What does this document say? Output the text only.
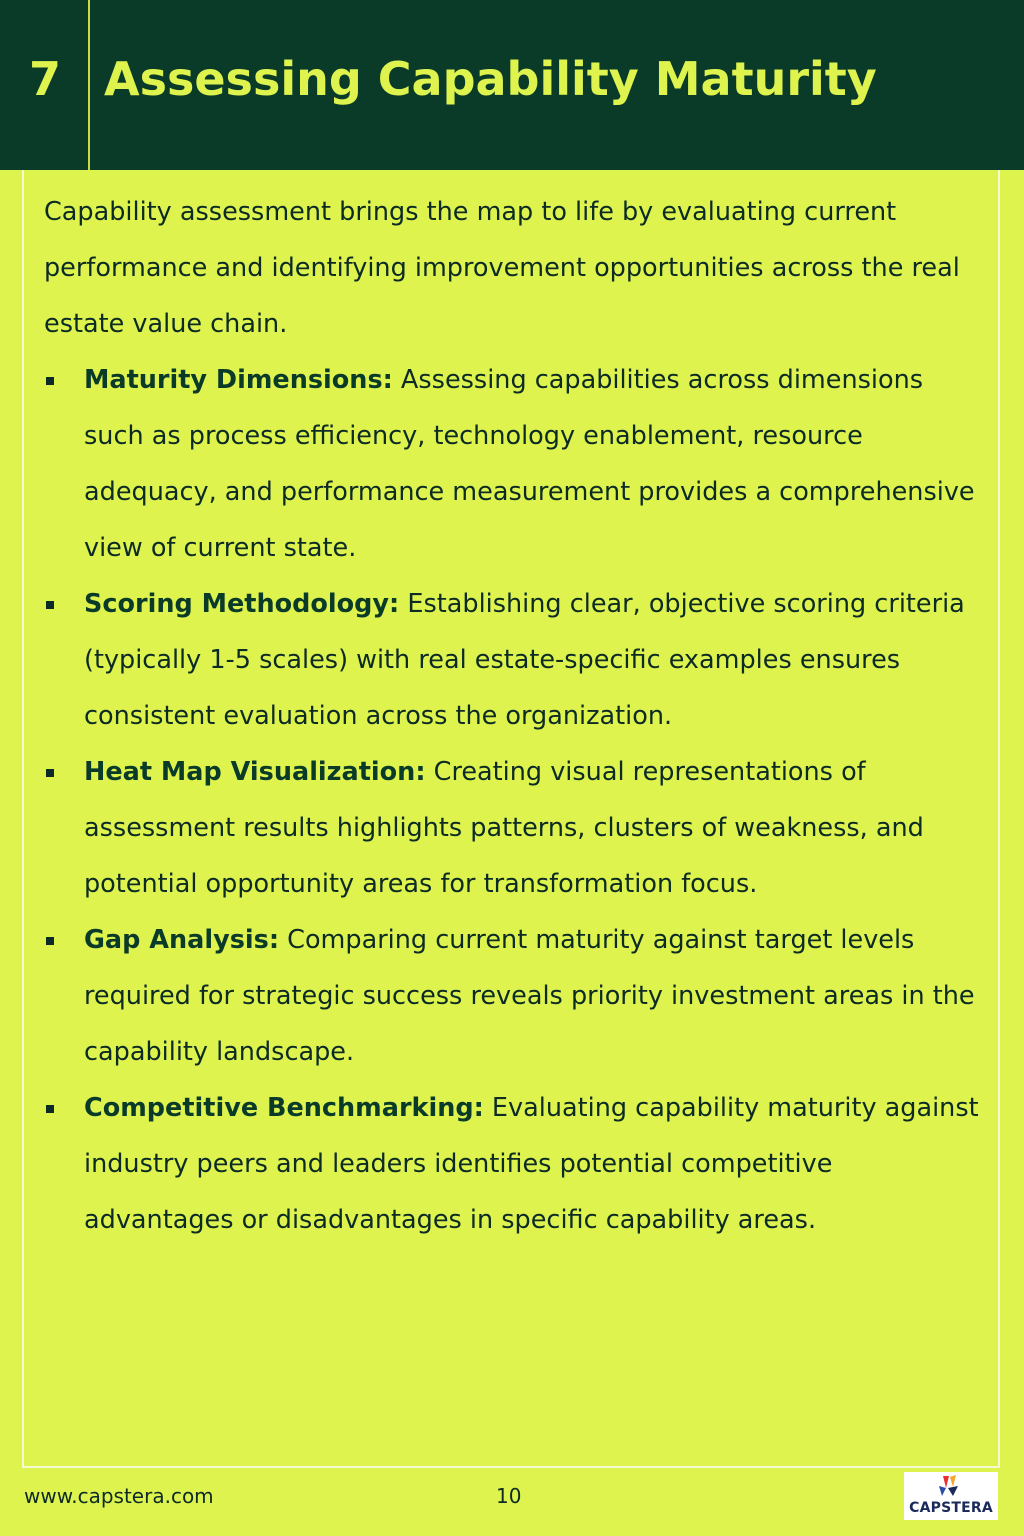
7 Assessing Capability Maturity

Capability assessment brings the map to life by evaluating current performance and identifying improvement opportunities across the real estate value chain.

Maturity Dimensions: Assessing capabilities across dimensions such as process efficiency, technology enablement, resource adequacy, and performance measurement provides a comprehensive view of current state.
Scoring Methodology: Establishing clear, objective scoring criteria (typically 1-5 scales) with real estate-specific examples ensures consistent evaluation across the organization.
Heat Map Visualization: Creating visual representations of assessment results highlights patterns, clusters of weakness, and potential opportunity areas for transformation focus.
Gap Analysis: Comparing current maturity against target levels required for strategic success reveals priority investment areas in the capability landscape.
Competitive Benchmarking: Evaluating capability maturity against industry peers and leaders identifies potential competitive advantages or disadvantages in specific capability areas.
www.capstera.com	10	CAPSTERA
